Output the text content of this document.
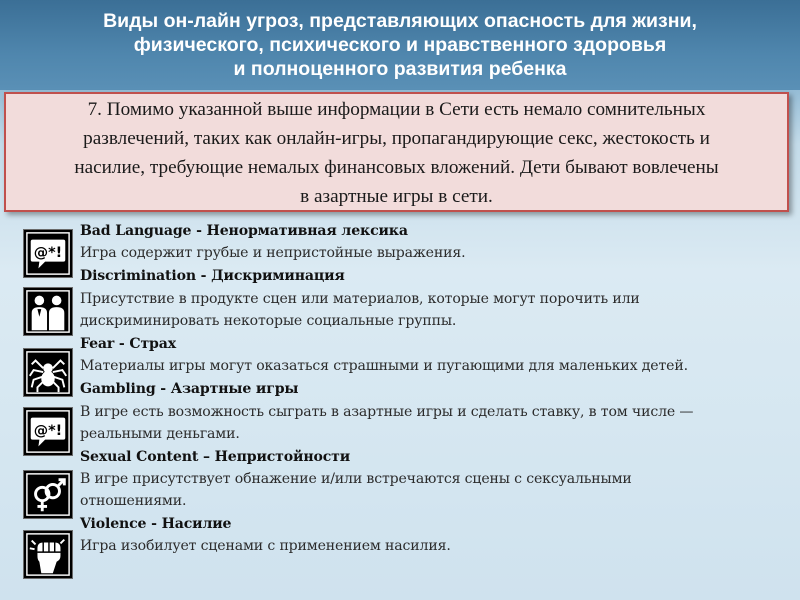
Виды он-лайн угроз, представляющих опасность для жизни,
физического, психического и нравственного здоровья
и полноценного развития ребенка
7. Помимо указанной выше информации в Сети есть немало сомнительных
развлечений, таких как онлайн-игры, пропагандирующие секс, жестокость и
насилие, требующие немалых финансовых вложений. Дети бывают вовлечены
в азартные игры в сети.
@*!
@*!
Bad Language - Ненормативная лексика
Игра содержит грубые и непристойные выражения.
Discrimination - Дискриминация
Присутствие в продукте сцен или материалов, которые могут порочить или
дискриминировать некоторые социальные группы.
Fear - Страх
Материалы игры могут оказаться страшными и пугающими для маленьких детей.
Gambling - Азартные игры
В игре есть возможность сыграть в азартные игры и сделать ставку, в том числе —
реальными деньгами.
Sexual Content – Непристойности
В игре присутствует обнажение и/или встречаются сцены с сексуальными
отношениями.
Violence - Насилие
Игра изобилует сценами с применением насилия.
